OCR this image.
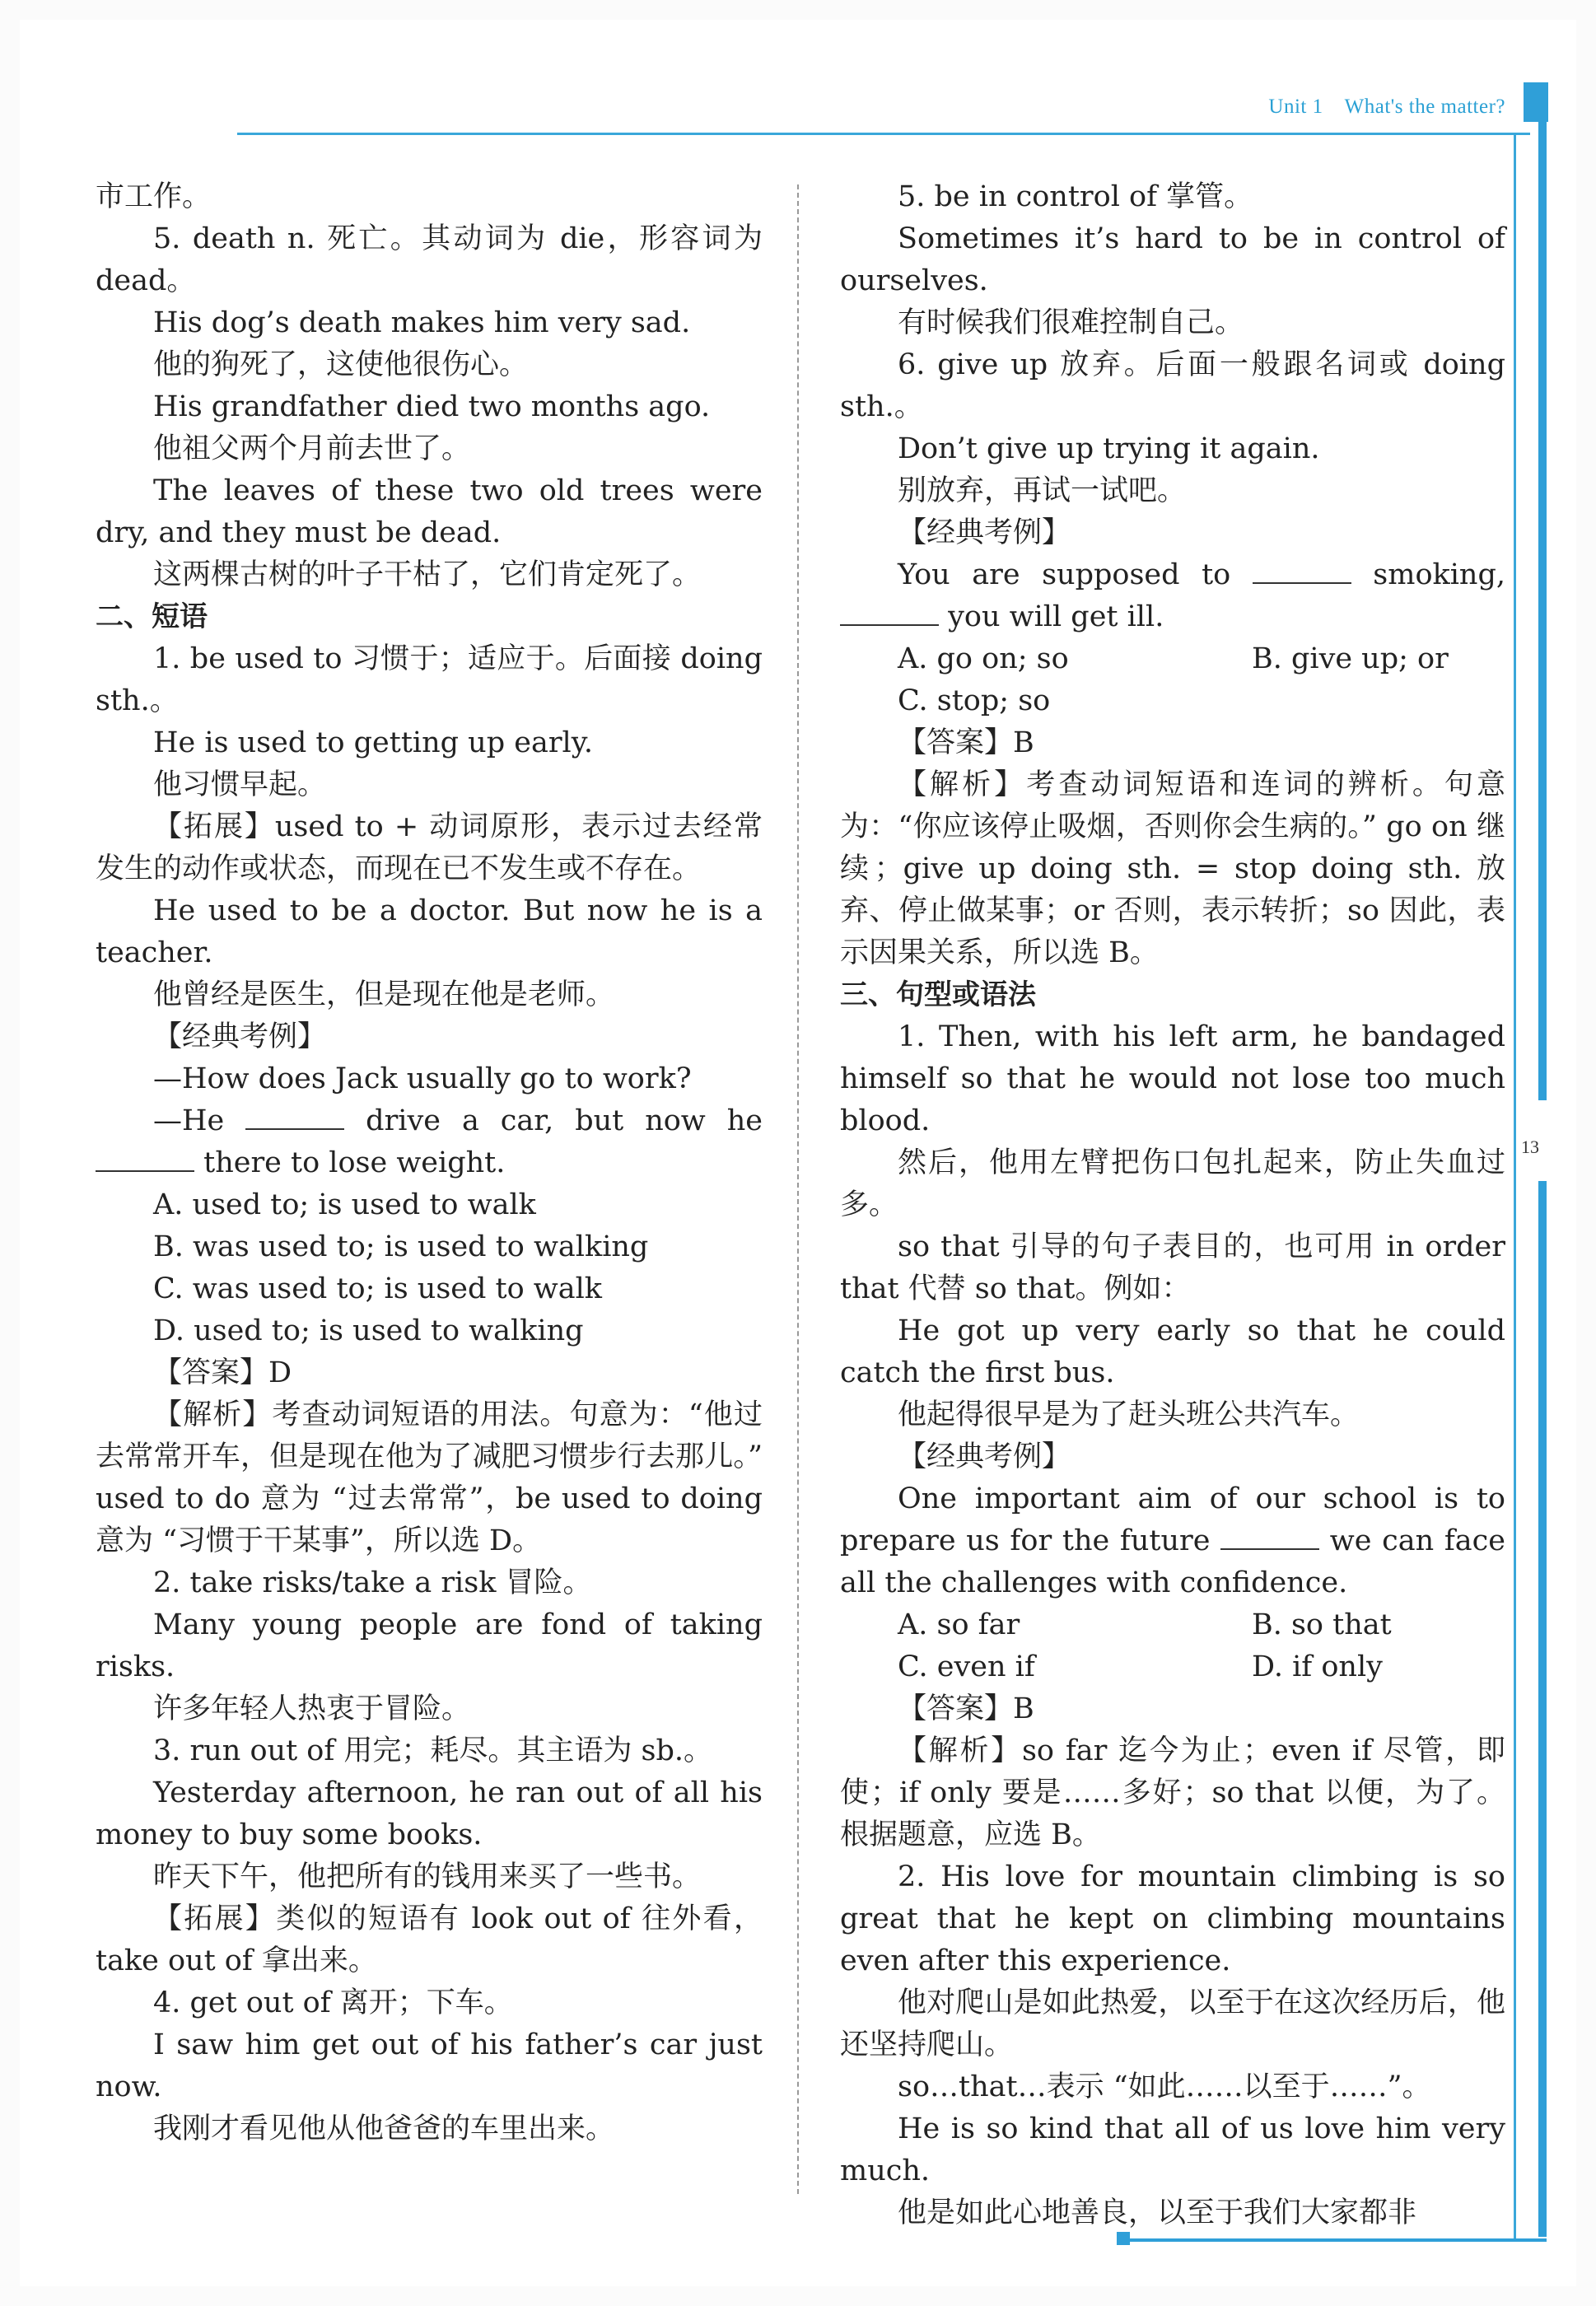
Unit 1 What's the matter?
13

市工作。

5. death n. 死亡。其动词为 die，形容词为 dead。

His dog’s death makes him very sad.

他的狗死了，这使他很伤心。

His grandfather died two months ago.

他祖父两个月前去世了。

The leaves of these two old trees were dry, and they must be dead.

这两棵古树的叶子干枯了，它们肯定死了。

二、短语

1. be used to 习惯于；适应于。后面接 doing sth.。

He is used to getting up early.

他习惯早起。

【拓展】used to + 动词原形，表示过去经常发生的动作或状态，而现在已不发生或不存在。

He used to be a doctor. But now he is a teacher.

他曾经是医生，但是现在他是老师。

【经典考例】

—How does Jack usually go to work?

—He	drive a car, but now he  there to lose weight.

A. used to; is used to walk

B. was used to; is used to walking

C. was used to; is used to walk

D. used to; is used to walking

【答案】D

【解析】考查动词短语的用法。句意为：“他过去常常开车，但是现在他为了减肥习惯步行去那儿。” used to do 意为 “过去常常”，be used to doing 意为 “习惯于干某事”，所以选 D。

2. take risks/take a risk 冒险。

Many young people are fond of taking risks.

许多年轻人热衷于冒险。

3. run out of 用完；耗尽。其主语为 sb.。

Yesterday afternoon, he ran out of all his money to buy some books.

昨天下午，他把所有的钱用来买了一些书。

【拓展】类似的短语有 look out of 往外看，take out of 拿出来。

4. get out of 离开；下车。

I saw him get out of his father’s car just now.

我刚才看见他从他爸爸的车里出来。

5. be in control of 掌管。

Sometimes it’s hard to be in control of ourselves.

有时候我们很难控制自己。

6. give up 放弃。后面一般跟名词或 doing sth.。

Don’t give up trying it again.

别放弃，再试一试吧。

【经典考例】

You are supposed to	smoking,  you will get ill.

A. go on; so	B. give up; or

C. stop; so

【答案】B

【解析】考查动词短语和连词的辨析。句意为：“你应该停止吸烟，否则你会生病的。” go on 继续；give up doing sth. = stop doing sth. 放弃、停止做某事；or 否则，表示转折；so 因此，表示因果关系，所以选 B。

三、句型或语法

1. Then, with his left arm, he bandaged himself so that he would not lose too much blood.

然后，他用左臂把伤口包扎起来，防止失血过多。

so that 引导的句子表目的，也可用 in order that 代替 so that。例如：

He got up very early so that he could catch the first bus.

他起得很早是为了赶头班公共汽车。

【经典考例】

One important aim of our school is to prepare us for the future	we can face all the challenges with confidence.

A. so far	B. so that

C. even if	D. if only

【答案】B

【解析】so far 迄今为止；even if 尽管，即使；if only 要是……多好；so that 以便，为了。根据题意，应选 B。

2. His love for mountain climbing is so great that he kept on climbing mountains even after this experience.

他对爬山是如此热爱，以至于在这次经历后，他还坚持爬山。

so…that…表示 “如此……以至于……”。

He is so kind that all of us love him very much.

他是如此心地善良，以至于我们大家都非
